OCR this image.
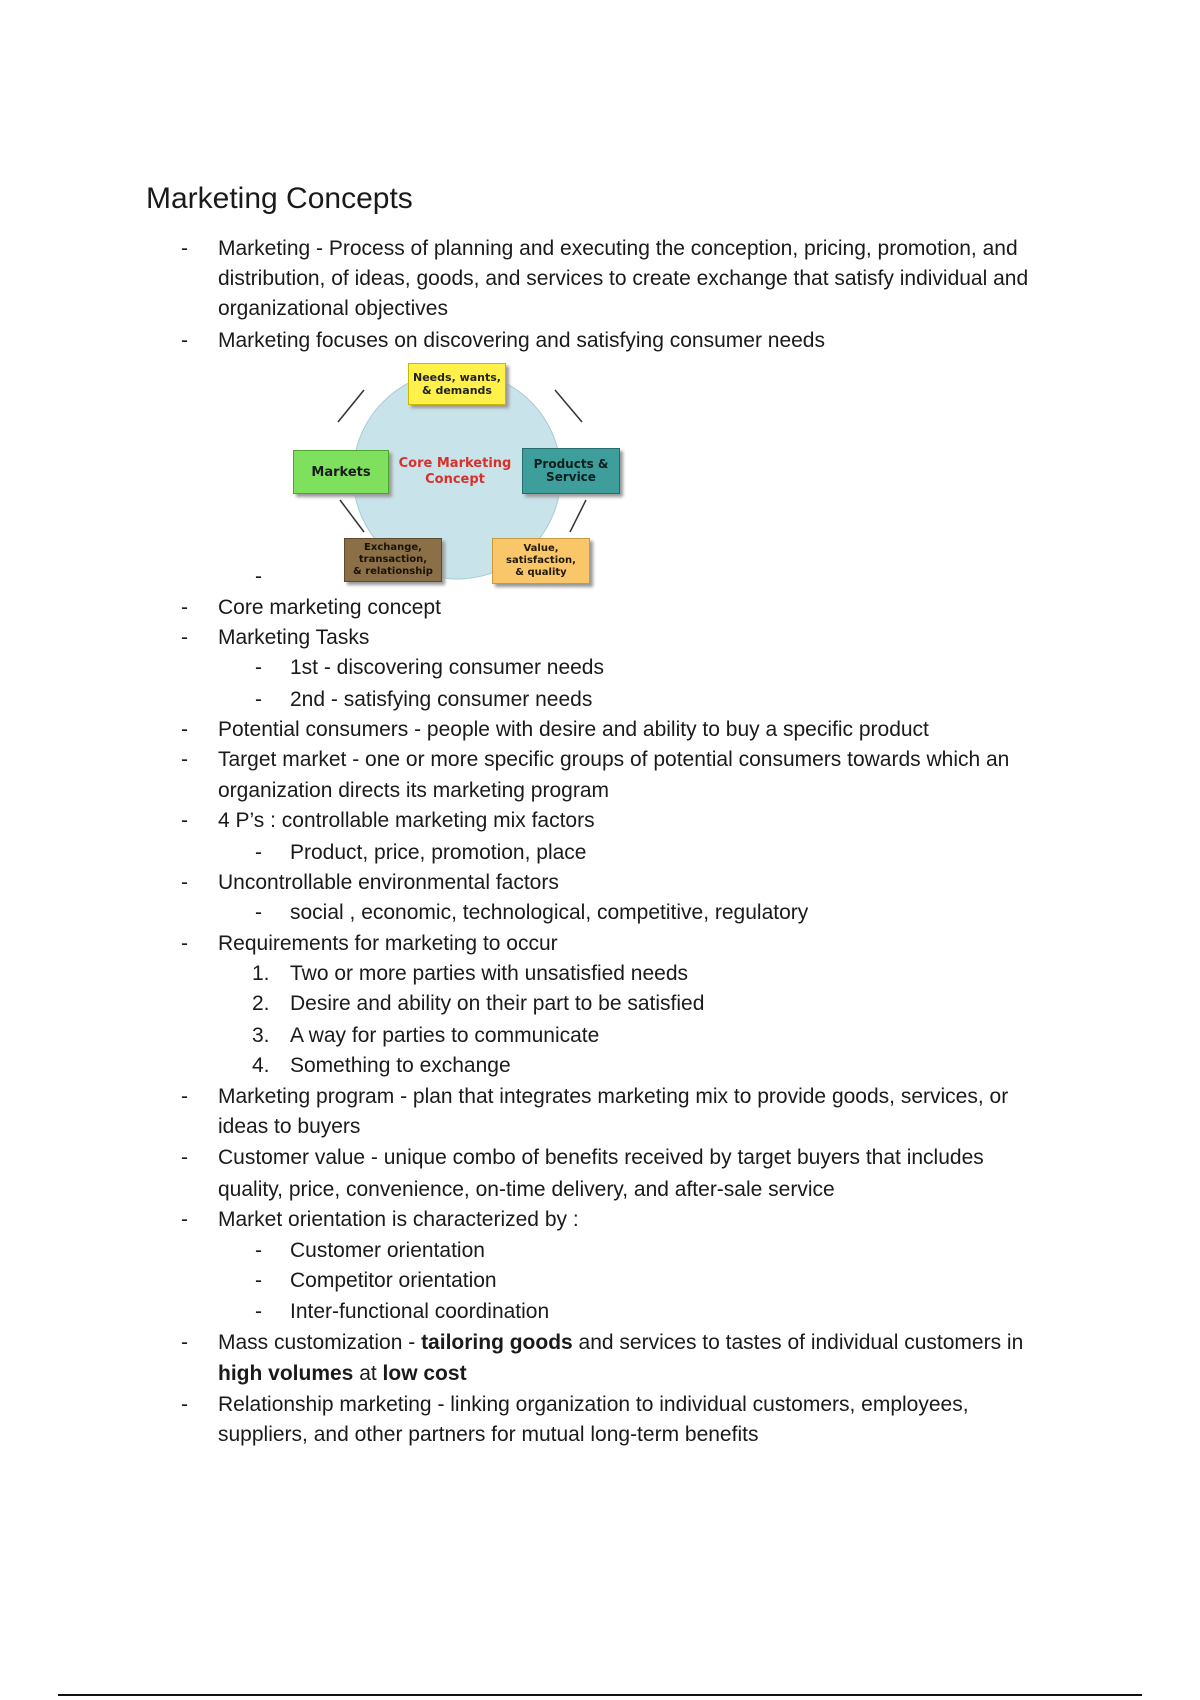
Marketing Concepts
- Marketing - Process of planning and executing the conception, pricing, promotion, and
distribution, of ideas, goods, and services to create exchange that satisfy individual and
organizational objectives
- Marketing focuses on discovering and satisfying consumer needs
-
Needs, wants,
& demands
Markets
Products &
Service
Core Marketing
Concept
Exchange,
transaction,
& relationship
Value,
satisfaction,
& quality
- Core marketing concept
- Marketing Tasks
- 1st - discovering consumer needs
- 2nd - satisfying consumer needs
- Potential consumers - people with desire and ability to buy a specific product
- Target market - one or more specific groups of potential consumers towards which an
organization directs its marketing program
- 4 P’s : controllable marketing mix factors
- Product, price, promotion, place
- Uncontrollable environmental factors
- social , economic, technological, competitive, regulatory
- Requirements for marketing to occur
1. Two or more parties with unsatisfied needs
2. Desire and ability on their part to be satisfied
3. A way for parties to communicate
4. Something to exchange
- Marketing program - plan that integrates marketing mix to provide goods, services, or
ideas to buyers
- Customer value - unique combo of benefits received by target buyers that includes
quality, price, convenience, on-time delivery, and after-sale service
- Market orientation is characterized by :
- Customer orientation
- Competitor orientation
- Inter-functional coordination
- Mass customization - tailoring goods and services to tastes of individual customers in
high volumes at low cost
- Relationship marketing - linking organization to individual customers, employees,
suppliers, and other partners for mutual long-term benefits
